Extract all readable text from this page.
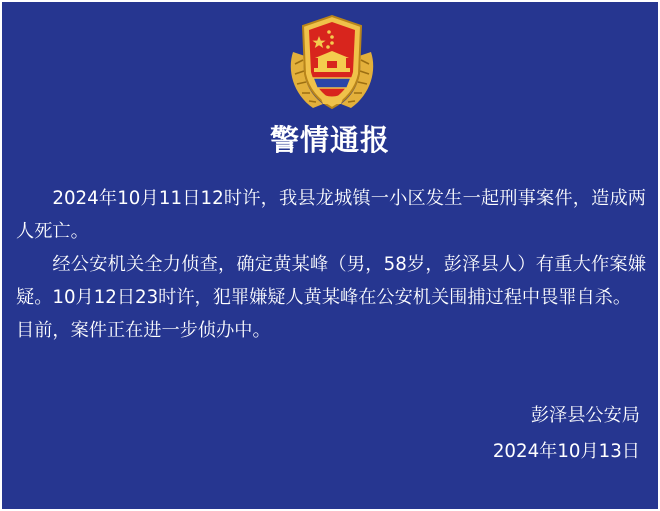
警情通报

2024年10月11日12时许，我县龙城镇一小区发生一起刑事案件，造成两人死亡。

经公安机关全力侦查，确定黄某峰（男，58岁，彭泽县人）有重大作案嫌疑。10月12日23时许，犯罪嫌疑人黄某峰在公安机关围捕过程中畏罪自杀。

目前，案件正在进一步侦办中。

彭泽县公安局
2024年10月13日
